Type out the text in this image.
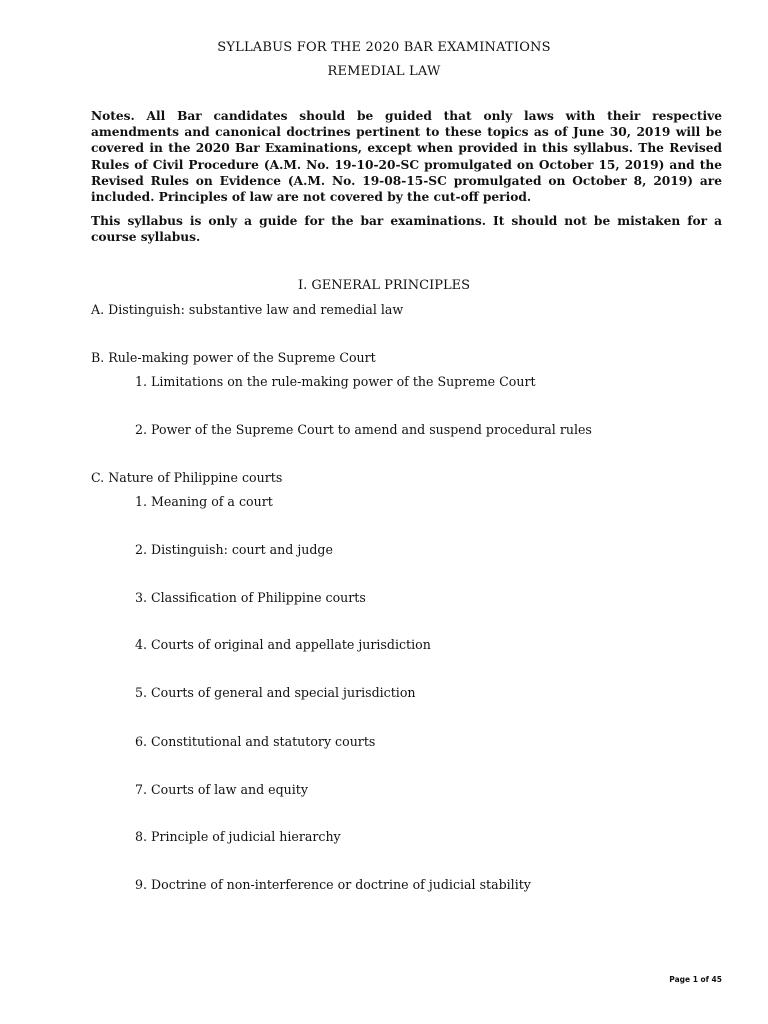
SYLLABUS FOR THE 2020 BAR EXAMINATIONS
REMEDIAL LAW

Notes. All Bar candidates should be guided that only laws with their respective amendments and canonical doctrines pertinent to these topics as of June 30, 2019 will be covered in the 2020 Bar Examinations, except when provided in this syllabus. The Revised Rules of Civil Procedure (A.M. No. 19-10-20-SC promulgated on October 15, 2019) and the Revised Rules on Evidence (A.M. No. 19-08-15-SC promulgated on October 8, 2019) are included. Principles of law are not covered by the cut-off period.

This syllabus is only a guide for the bar examinations. It should not be mistaken for a course syllabus.

I. GENERAL PRINCIPLES
A. Distinguish: substantive law and remedial law
B. Rule-making power of the Supreme Court
1. Limitations on the rule-making power of the Supreme Court
2. Power of the Supreme Court to amend and suspend procedural rules
C. Nature of Philippine courts
1. Meaning of a court
2. Distinguish: court and judge
3. Classification of Philippine courts
4. Courts of original and appellate jurisdiction
5. Courts of general and special jurisdiction
6. Constitutional and statutory courts
7. Courts of law and equity
8. Principle of judicial hierarchy
9. Doctrine of non-interference or doctrine of judicial stability
Page 1 of 45
